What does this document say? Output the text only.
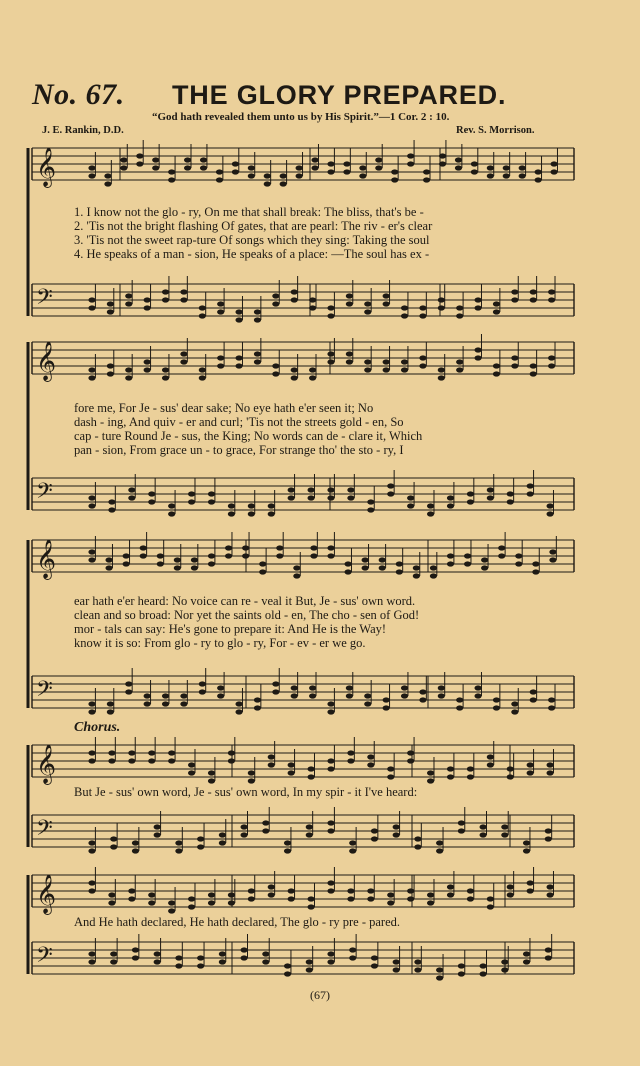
No. 67. THE GLORY PREPARED.
“God hath revealed them unto us by His Spirit.”—1 Cor. 2 : 10.
J. E. Rankin, D.D.	Rev. S. Morrison.
𝄞
𝄢
𝄞
𝄢
𝄞
𝄢
𝄞
𝄢
𝄞
𝄢
1. I know not the glo - ry, On me that shall break: The bliss, that's be -
2. 'Tis not the bright flashing Of gates, that are pearl: The riv - er's clear
3. 'Tis not the sweet rap-ture Of songs which they sing: Taking the soul
4. He speaks of a man - sion, He speaks of a place: —The soul has ex -
fore me, For Je - sus' dear sake; No eye hath e'er seen it; No
dash - ing, And quiv - er and curl; 'Tis not the streets gold - en, So
cap - ture Round Je - sus, the King; No words can de - clare it, Which
pan - sion, From grace un - to grace, For strange tho' the sto - ry, I
ear hath e'er heard: No voice can re - veal it But, Je - sus' own word.
clean and so broad: Nor yet the saints old - en, The cho - sen of God!
mor - tals can say: He's gone to prepare it: And He is the Way!
know it is so: From glo - ry to glo - ry, For - ev - er we go.
Chorus.
But Je - sus' own word, Je - sus' own word, In my spir - it I've heard:
And He hath declared, He hath declared, The glo - ry pre - pared.
(67)
